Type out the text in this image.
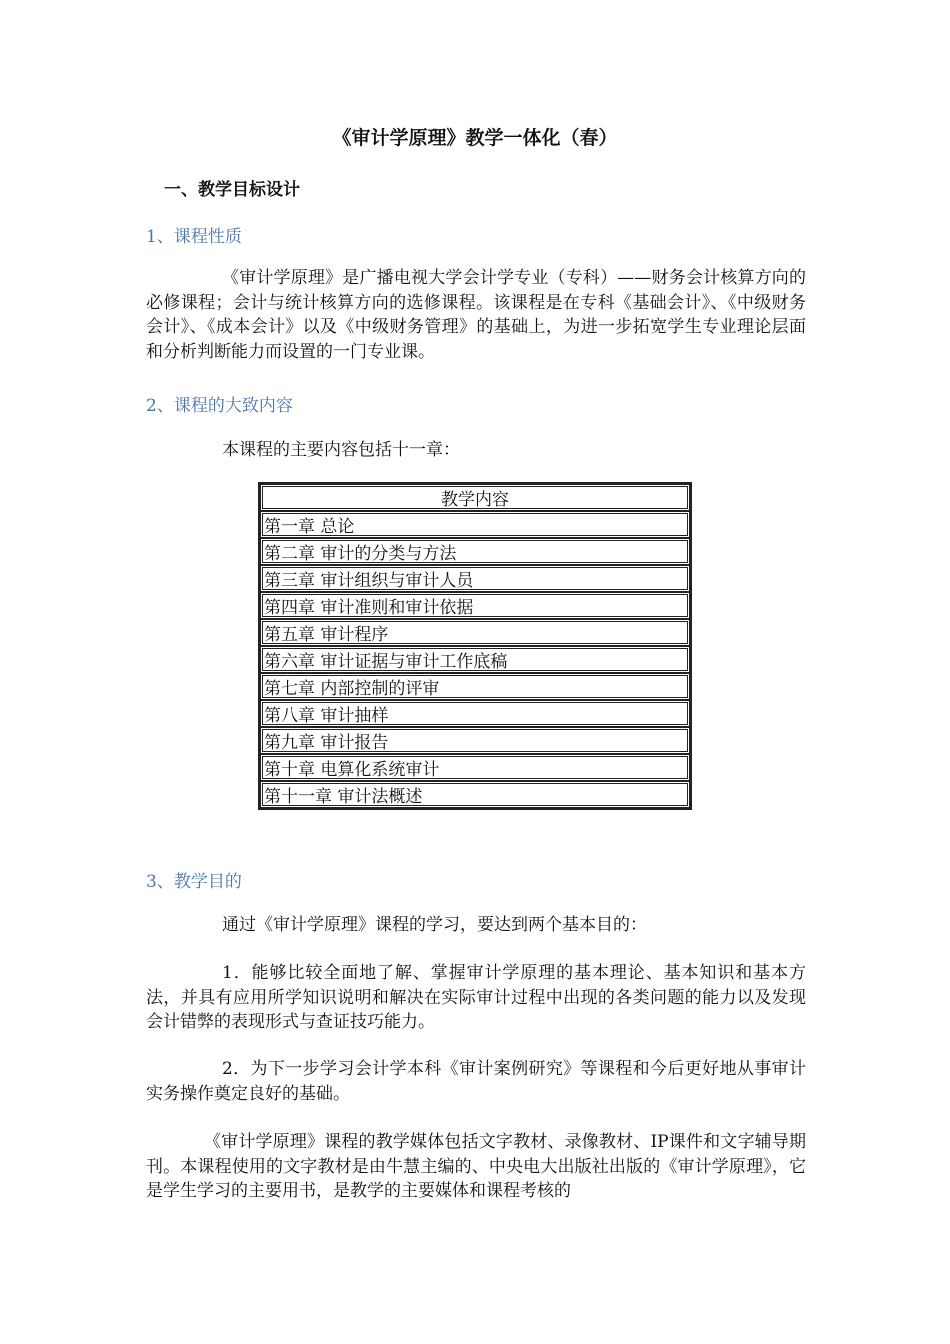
《审计学原理》教学一体化（春）
一、教学目标设计
1、课程性质
《审计学原理》是广播电视大学会计学专业（专科）——财务会计核算方向的必修课程；会计与统计核算方向的选修课程。该课程是在专科《基础会计》、《中级财务会计》、《成本会计》以及《中级财务管理》的基础上，为进一步拓宽学生专业理论层面和分析判断能力而设置的一门专业课。
2、课程的大致内容
本课程的主要内容包括十一章：
教学内容
第一章 总论
第二章 审计的分类与方法
第三章 审计组织与审计人员
第四章 审计准则和审计依据
第五章 审计程序
第六章 审计证据与审计工作底稿
第七章 内部控制的评审
第八章 审计抽样
第九章 审计报告
第十章 电算化系统审计
第十一章 审计法概述
3、教学目的
通过《审计学原理》课程的学习，要达到两个基本目的：
1．能够比较全面地了解、掌握审计学原理的基本理论、基本知识和基本方法，并具有应用所学知识说明和解决在实际审计过程中出现的各类问题的能力以及发现会计错弊的表现形式与查证技巧能力。
2．为下一步学习会计学本科《审计案例研究》等课程和今后更好地从事审计实务操作奠定良好的基础。
《审计学原理》课程的教学媒体包括文字教材、录像教材、IP课件和文字辅导期刊。本课程使用的文字教材是由牛慧主编的、中央电大出版社出版的《审计学原理》，它是学生学习的主要用书，是教学的主要媒体和课程考核的
